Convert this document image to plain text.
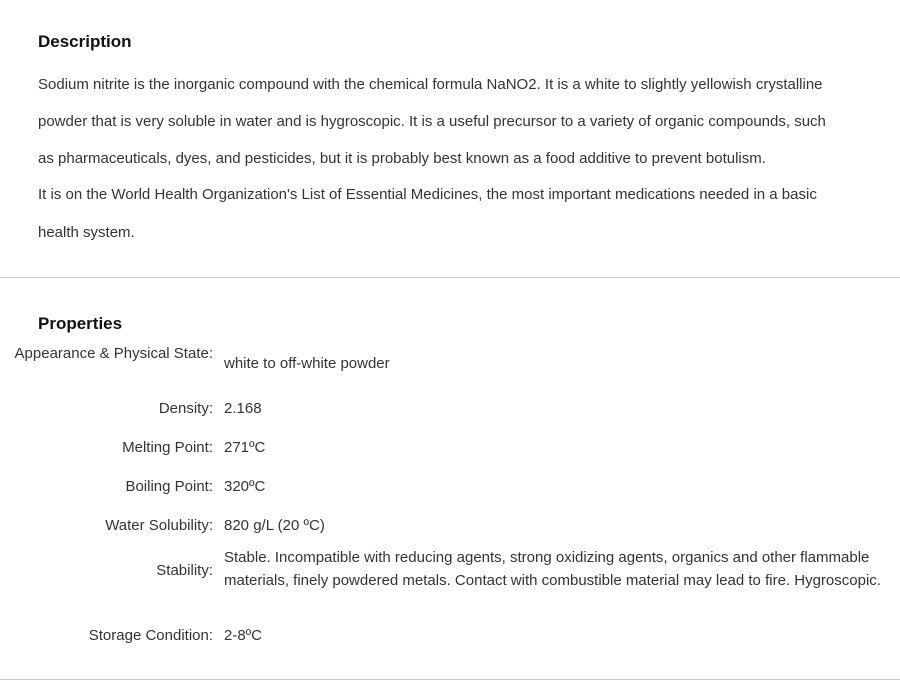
Description
Sodium nitrite is the inorganic compound with the chemical formula NaNO2. It is a white to slightly yellowish crystalline
powder that is very soluble in water and is hygroscopic. It is a useful precursor to a variety of organic compounds, such
as pharmaceuticals, dyes, and pesticides, but it is probably best known as a food additive to prevent botulism.
It is on the World Health Organization's List of Essential Medicines, the most important medications needed in a basic
health system.
Properties
Appearance & Physical State:
white to off-white powder
Density: 2.168
Melting Point: 271ºC
Boiling Point: 320ºC
Water Solubility: 820 g/L (20 ºC)
Stability:
Stable. Incompatible with reducing agents, strong oxidizing agents, organics and other flammable materials, finely powdered metals. Contact with combustible material may lead to fire. Hygroscopic.
Storage Condition: 2-8ºC
